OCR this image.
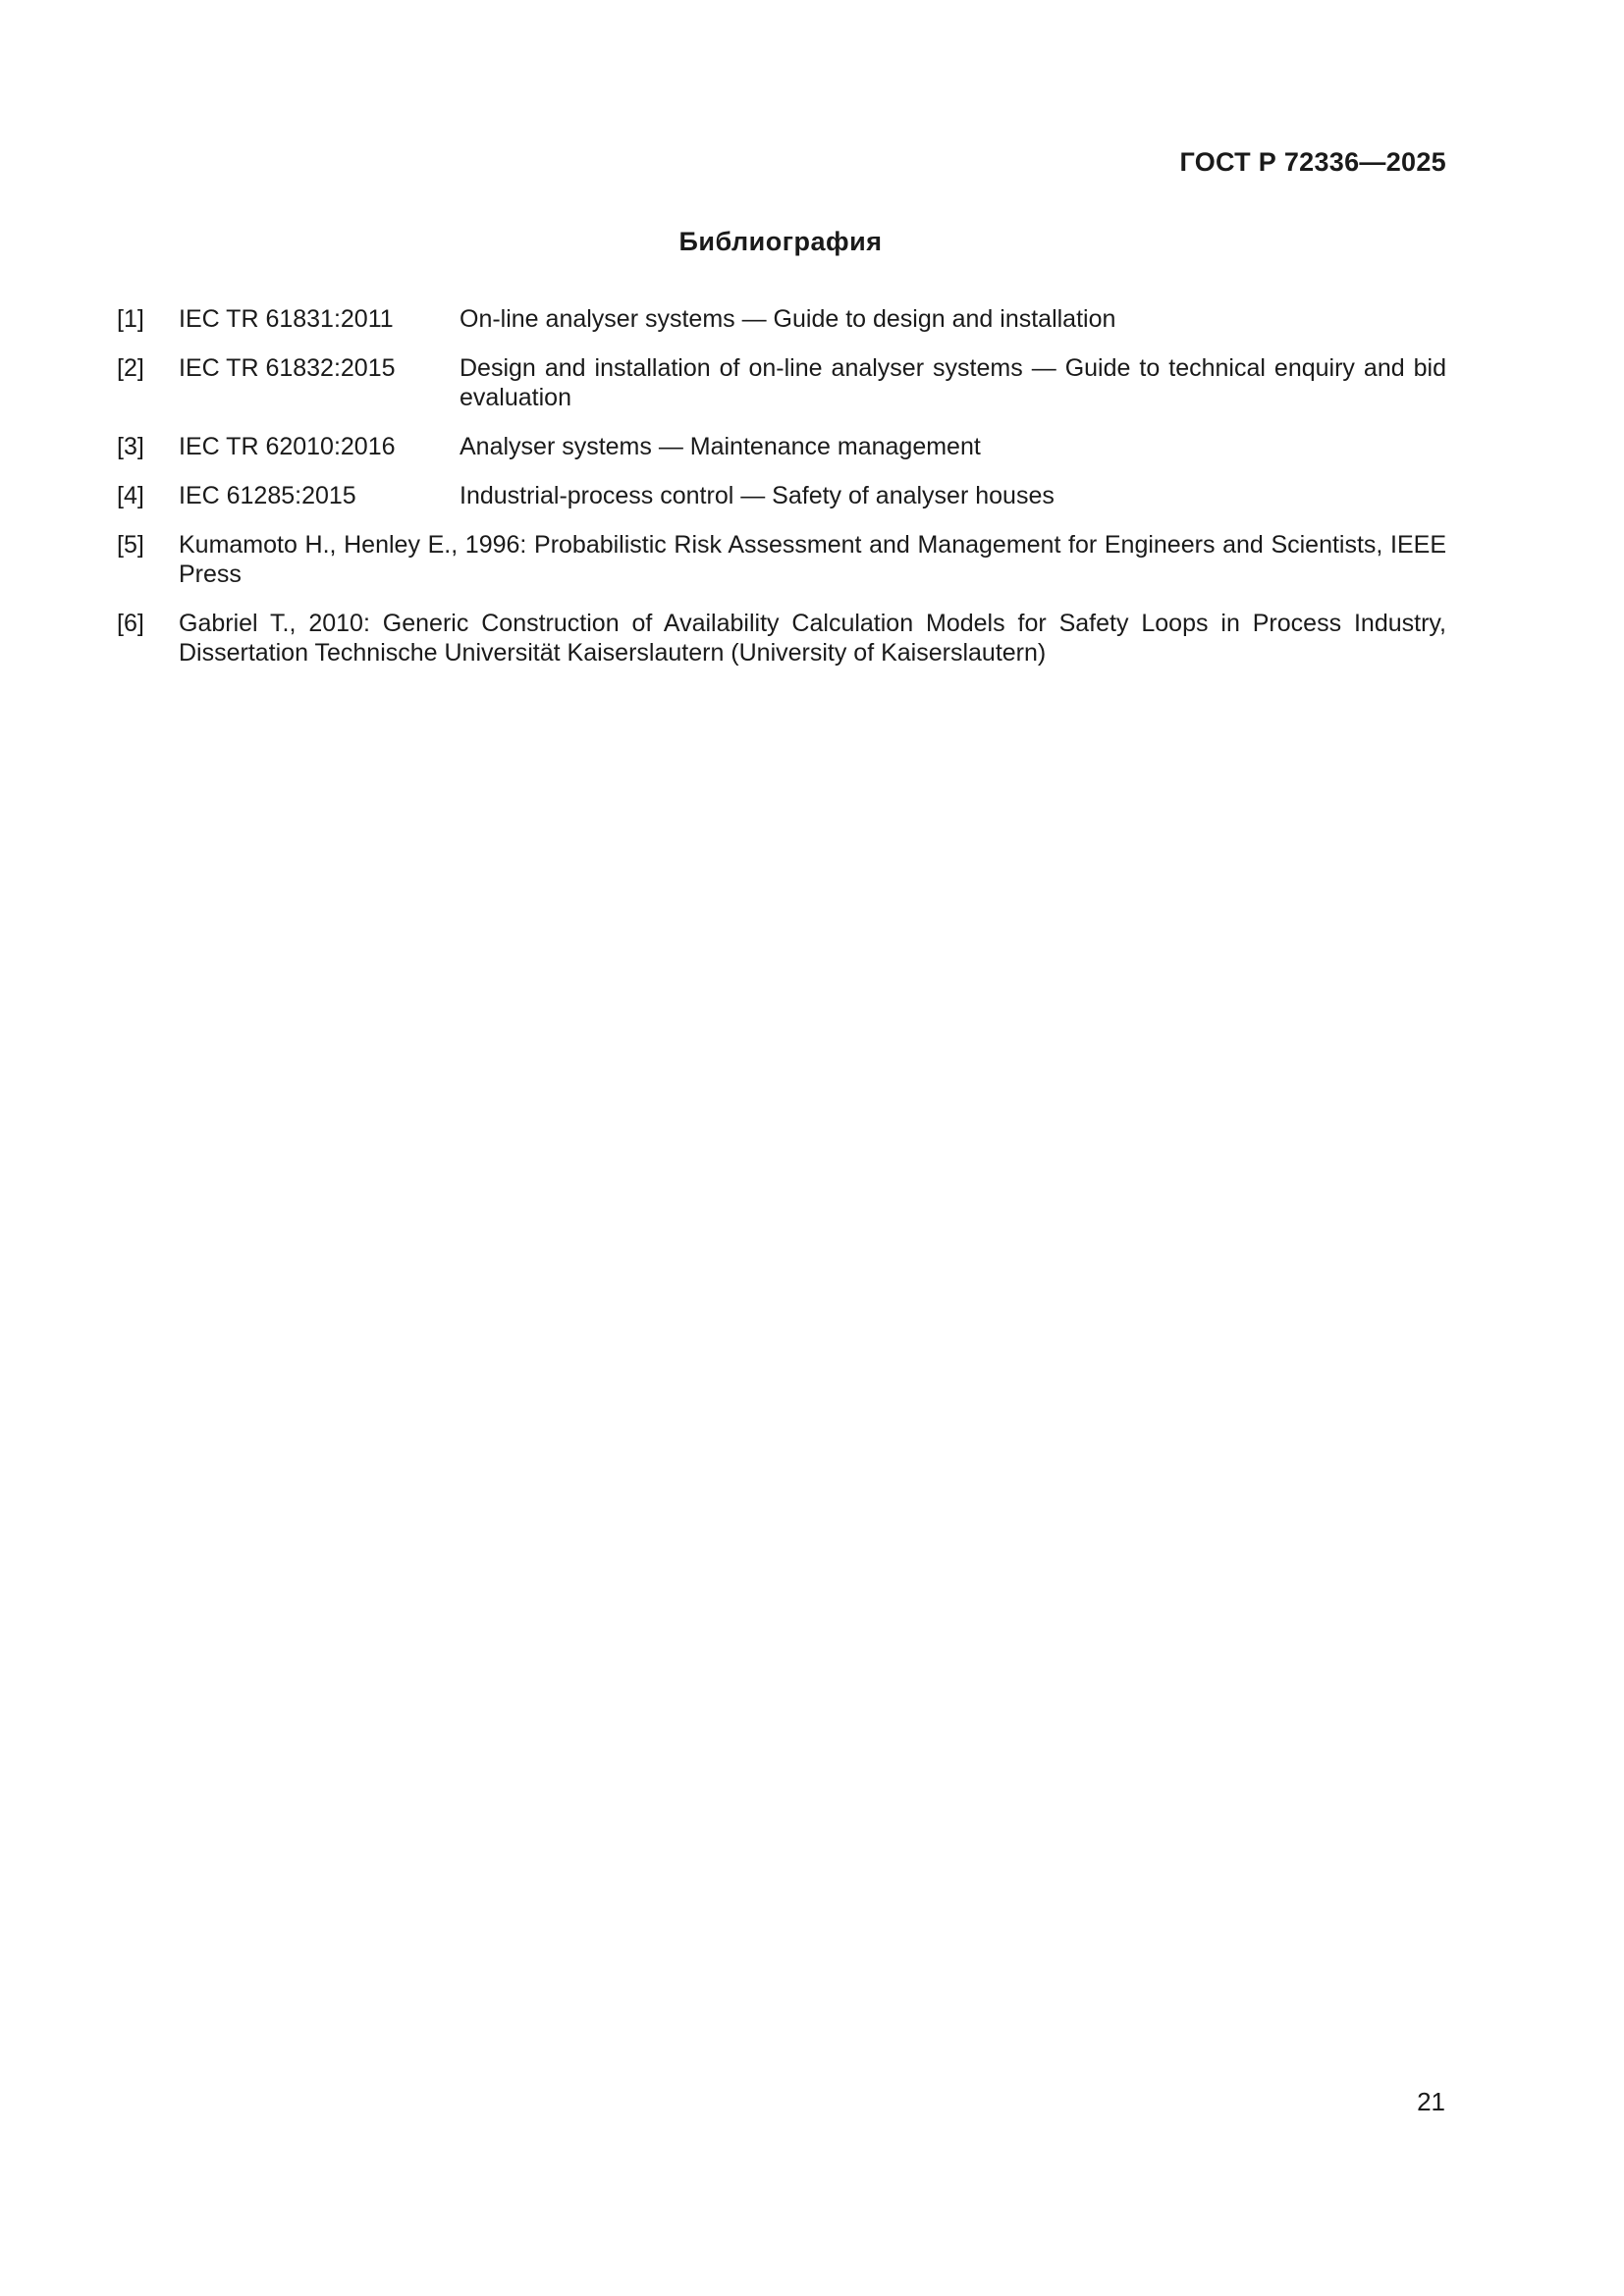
ГОСТ Р 72336—2025
Библиография
[1] IEC TR 61831:2011	On-line analyser systems — Guide to design and installation
[2] IEC TR 61832:2015	Design and installation of on-line analyser systems — Guide to technical enquiry and bid evaluation
[3] IEC TR 62010:2016	Analyser systems — Maintenance management
[4] IEC 61285:2015	Industrial-process control — Safety of analyser houses
[5] Kumamoto H., Henley E., 1996: Probabilistic Risk Assessment and Management for Engineers and Scientists, IEEE Press
[6] Gabriel T., 2010: Generic Construction of Availability Calculation Models for Safety Loops in Process Industry, Dissertation Technische Universität Kaiserslautern (University of Kaiserslautern)
21
